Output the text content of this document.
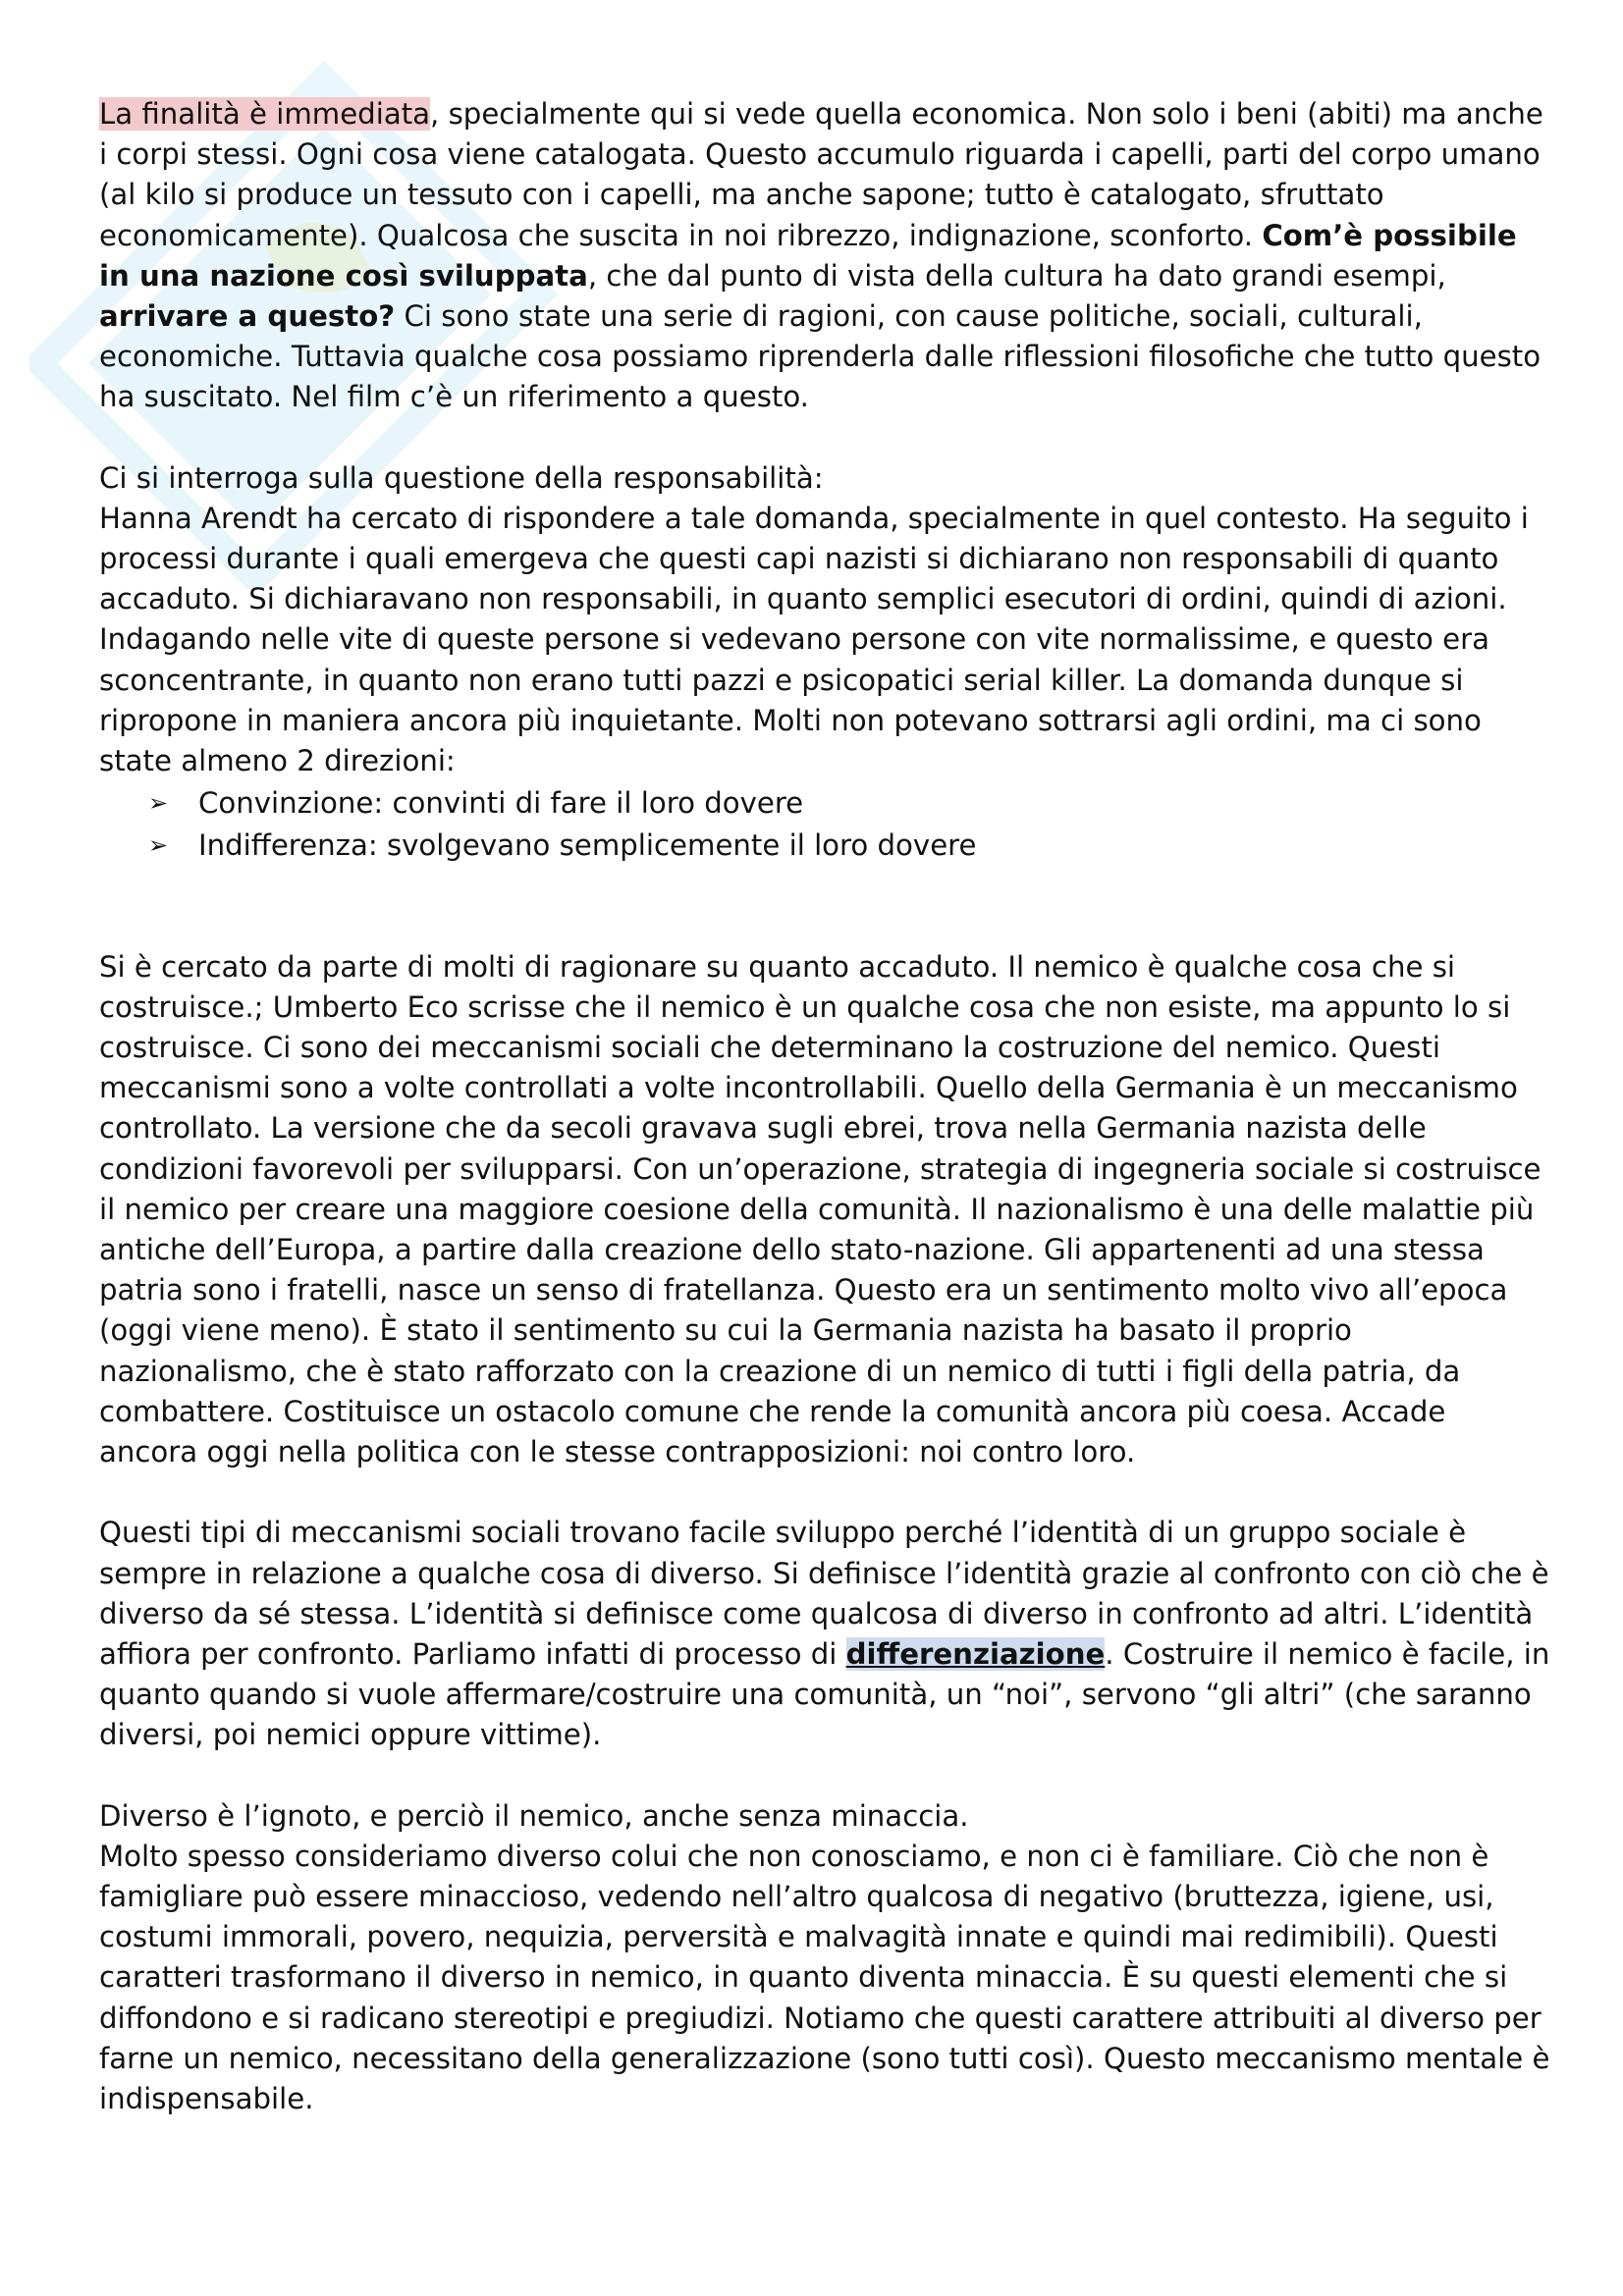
La finalità è immediata, specialmente qui si vede quella economica. Non solo i beni (abiti) ma anche i corpi stessi. Ogni cosa viene catalogata. Questo accumulo riguarda i capelli, parti del corpo umano (al kilo si produce un tessuto con i capelli, ma anche sapone; tutto è catalogato, sfruttato economicamente). Qualcosa che suscita in noi ribrezzo, indignazione, sconforto. Com’è possibile in una nazione così sviluppata, che dal punto di vista della cultura ha dato grandi esempi, arrivare a questo? Ci sono state una serie di ragioni, con cause politiche, sociali, culturali, economiche. Tuttavia qualche cosa possiamo riprenderla dalle riflessioni filosofiche che tutto questo ha suscitato. Nel film c’è un riferimento a questo.

Ci si interroga sulla questione della responsabilità:

Hanna Arendt ha cercato di rispondere a tale domanda, specialmente in quel contesto. Ha seguito i processi durante i quali emergeva che questi capi nazisti si dichiarano non responsabili di quanto accaduto. Si dichiaravano non responsabili, in quanto semplici esecutori di ordini, quindi di azioni. Indagando nelle vite di queste persone si vedevano persone con vite normalissime, e questo era sconcentrante, in quanto non erano tutti pazzi e psicopatici serial killer. La domanda dunque si ripropone in maniera ancora più inquietante. Molti non potevano sottrarsi agli ordini, ma ci sono state almeno 2 direzioni:

➢ Convinzione: convinti di fare il loro dovere
➢ Indifferenza: svolgevano semplicemente il loro dovere

Si è cercato da parte di molti di ragionare su quanto accaduto. Il nemico è qualche cosa che si costruisce.; Umberto Eco scrisse che il nemico è un qualche cosa che non esiste, ma appunto lo si costruisce. Ci sono dei meccanismi sociali che determinano la costruzione del nemico. Questi meccanismi sono a volte controllati a volte incontrollabili. Quello della Germania è un meccanismo controllato. La versione che da secoli gravava sugli ebrei, trova nella Germania nazista delle condizioni favorevoli per svilupparsi. Con un’operazione, strategia di ingegneria sociale si costruisce il nemico per creare una maggiore coesione della comunità. Il nazionalismo è una delle malattie più antiche dell’Europa, a partire dalla creazione dello stato-nazione. Gli appartenenti ad una stessa patria sono i fratelli, nasce un senso di fratellanza. Questo era un sentimento molto vivo all’epoca (oggi viene meno). È stato il sentimento su cui la Germania nazista ha basato il proprio nazionalismo, che è stato rafforzato con la creazione di un nemico di tutti i figli della patria, da combattere. Costituisce un ostacolo comune che rende la comunità ancora più coesa. Accade ancora oggi nella politica con le stesse contrapposizioni: noi contro loro.

Questi tipi di meccanismi sociali trovano facile sviluppo perché l’identità di un gruppo sociale è sempre in relazione a qualche cosa di diverso. Si definisce l’identità grazie al confronto con ciò che è diverso da sé stessa. L’identità si definisce come qualcosa di diverso in confronto ad altri. L’identità affiora per confronto. Parliamo infatti di processo di differenziazione. Costruire il nemico è facile, in quanto quando si vuole affermare/costruire una comunità, un “noi”, servono “gli altri” (che saranno diversi, poi nemici oppure vittime).

Diverso è l’ignoto, e perciò il nemico, anche senza minaccia.

Molto spesso consideriamo diverso colui che non conosciamo, e non ci è familiare. Ciò che non è famigliare può essere minaccioso, vedendo nell’altro qualcosa di negativo (bruttezza, igiene, usi, costumi immorali, povero, nequizia, perversità e malvagità innate e quindi mai redimibili). Questi caratteri trasformano il diverso in nemico, in quanto diventa minaccia. È su questi elementi che si diffondono e si radicano stereotipi e pregiudizi. Notiamo che questi carattere attribuiti al diverso per farne un nemico, necessitano della generalizzazione (sono tutti così). Questo meccanismo mentale è indispensabile.
